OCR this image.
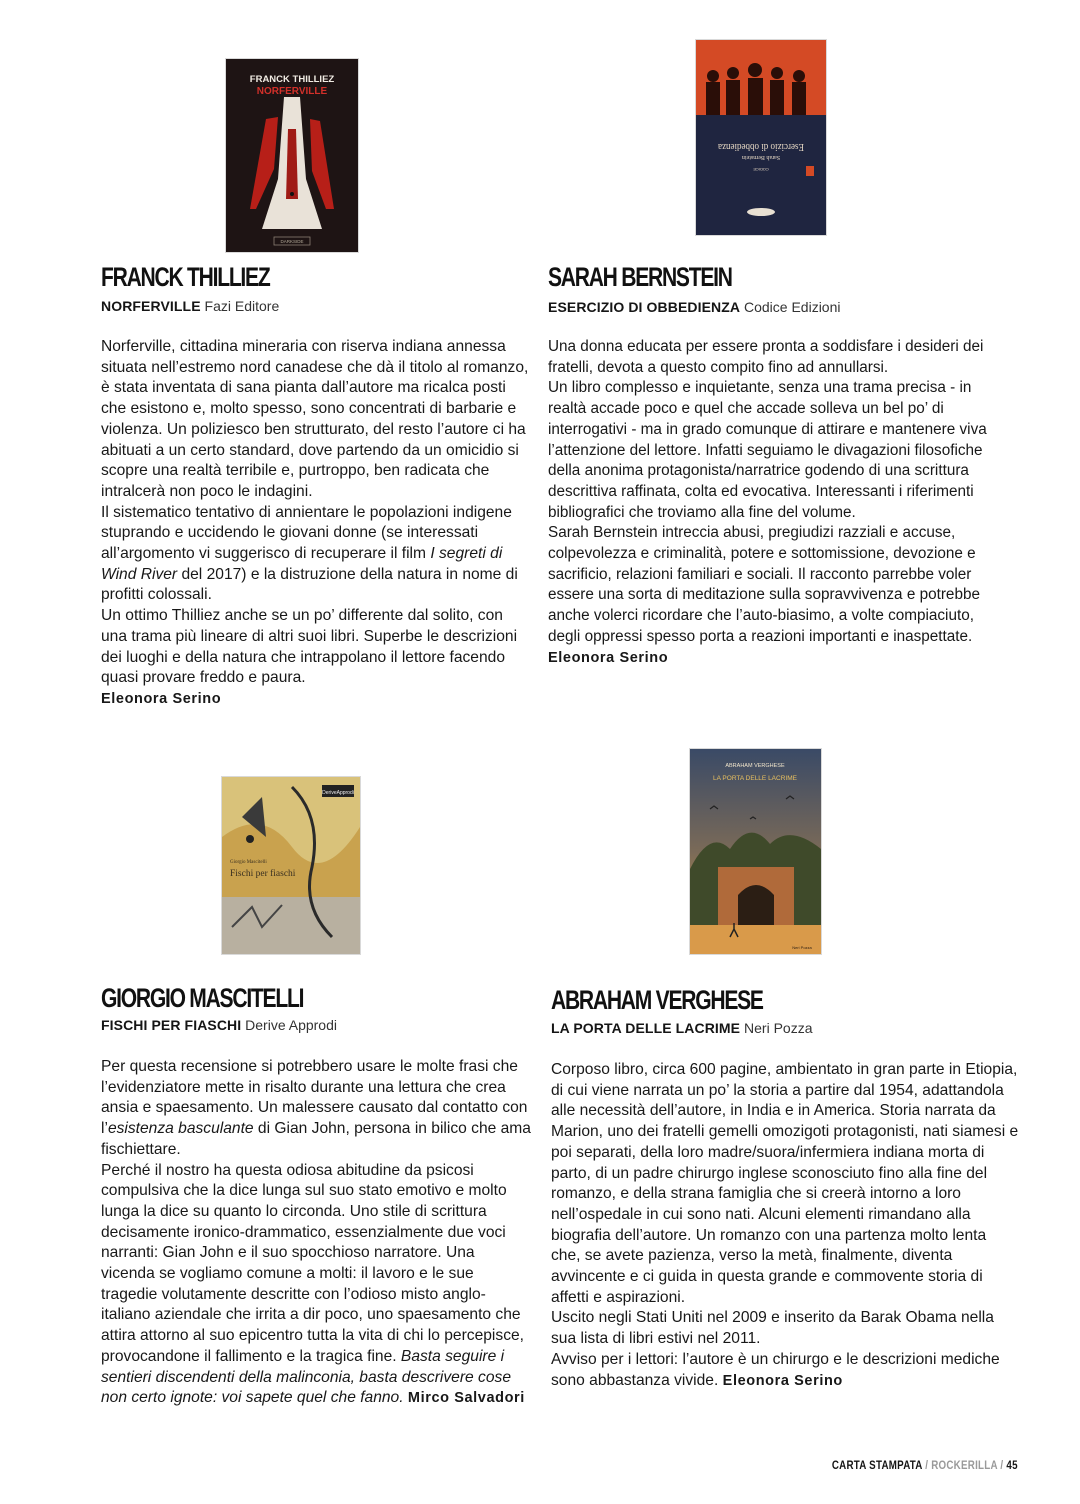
FRANCK THILLIEZ
NORFERVILLE
DARKSIDE
FRANCK THILLIEZ
NORFERVILLE Fazi Editore

Norferville, cittadina mineraria con riserva indiana annessa situata nell’estremo nord canadese che dà il titolo al romanzo, è stata inventata di sana pianta dall’autore ma ricalca posti che esistono e, molto spesso, sono concentrati di barbarie e violenza. Un poliziesco ben strutturato, del resto l’autore ci ha abituati a un certo standard, dove partendo da un omicidio si scopre una realtà terribile e, purtroppo, ben radicata che intralcerà non poco le indagini.

Il sistematico tentativo di annientare le popolazioni indigene stuprando e uccidendo le giovani donne (se interessati all’argomento vi suggerisco di recuperare il film I segreti di Wind River del 2017) e la distruzione della natura in nome di profitti colossali.

Un ottimo Thilliez anche se un po’ differente dal solito, con una trama più lineare di altri suoi libri. Superbe le descrizioni dei luoghi e della natura che intrappolano il lettore facendo quasi provare freddo e paura.

Eleonora Serino

Sarah Bernstein
Esercizio di obbedienza
CODICE
SARAH BERNSTEIN
ESERCIZIO DI OBBEDIENZA Codice Edizioni

Una donna educata per essere pronta a soddisfare i desideri dei fratelli, devota a questo compito fino ad annullarsi.

Un libro complesso e inquietante, senza una trama precisa - in realtà accade poco e quel che accade solleva un bel po’ di interrogativi - ma in grado comunque di attirare e mantenere viva l’attenzione del lettore. Infatti seguiamo le divagazioni filosofiche della anonima protagonista/narratrice godendo di una scrittura descrittiva raffinata, colta ed evocativa. Interessanti i riferimenti bibliografici che troviamo alla fine del volume.

Sarah Bernstein intreccia abusi, pregiudizi razziali e accuse, colpevolezza e criminalità, potere e sottomissione, devozione e sacrificio, relazioni familiari e sociali. Il racconto parrebbe voler essere una sorta di meditazione sulla sopravvivenza e potrebbe anche volerci ricordare che l’auto-biasimo, a volte compiaciuto, degli oppressi spesso porta a reazioni importanti e inaspettate.

Eleonora Serino

DeriveApprodi
Giorgio Mascitelli
Fischi per fiaschi
GIORGIO MASCITELLI
FISCHI PER FIASCHI Derive Approdi

Per questa recensione si potrebbero usare le molte frasi che l’evidenziatore mette in risalto durante una lettura che crea ansia e spaesamento. Un malessere causato dal contatto con l’esistenza basculante di Gian John, persona in bilico che ama fischiettare.

Perché il nostro ha questa odiosa abitudine da psicosi compulsiva che la dice lunga sul suo stato emotivo e molto lunga la dice su quanto lo circonda. Uno stile di scrittura decisamente ironico-drammatico, essenzialmente due voci narranti: Gian John e il suo spocchioso narratore. Una vicenda se vogliamo comune a molti: il lavoro e le sue tragedie volutamente descritte con l’odioso misto anglo-italiano aziendale che irrita a dir poco, uno spaesamento che attira attorno al suo epicentro tutta la vita di chi lo percepisce, provocandone il fallimento e la tragica fine. Basta seguire i sentieri discendenti della malinconia, basta descrivere cose non certo ignote: voi sapete quel che fanno. Mirco Salvadori

ABRAHAM VERGHESE
LA PORTA DELLE LACRIME
Neri Pozza
ABRAHAM VERGHESE
LA PORTA DELLE LACRIME Neri Pozza

Corposo libro, circa 600 pagine, ambientato in gran parte in Etiopia, di cui viene narrata un po’ la storia a partire dal 1954, adattandola alle necessità dell’autore, in India e in America. Storia narrata da Marion, uno dei fratelli gemelli omozigoti protagonisti, nati siamesi e poi separati, della loro madre/suora/infermiera indiana morta di parto, di un padre chirurgo inglese sconosciuto fino alla fine del romanzo, e della strana famiglia che si creerà intorno a loro nell’ospedale in cui sono nati. Alcuni elementi rimandano alla biografia dell’autore. Un romanzo con una partenza molto lenta che, se avete pazienza, verso la metà, finalmente, diventa avvincente e ci guida in questa grande e commovente storia di affetti e aspirazioni.

Uscito negli Stati Uniti nel 2009 e inserito da Barak Obama nella sua lista di libri estivi nel 2011.

Avviso per i lettori: l’autore è un chirurgo e le descrizioni mediche sono abbastanza vivide. Eleonora Serino

CARTA STAMPATA / ROCKERILLA / 45
